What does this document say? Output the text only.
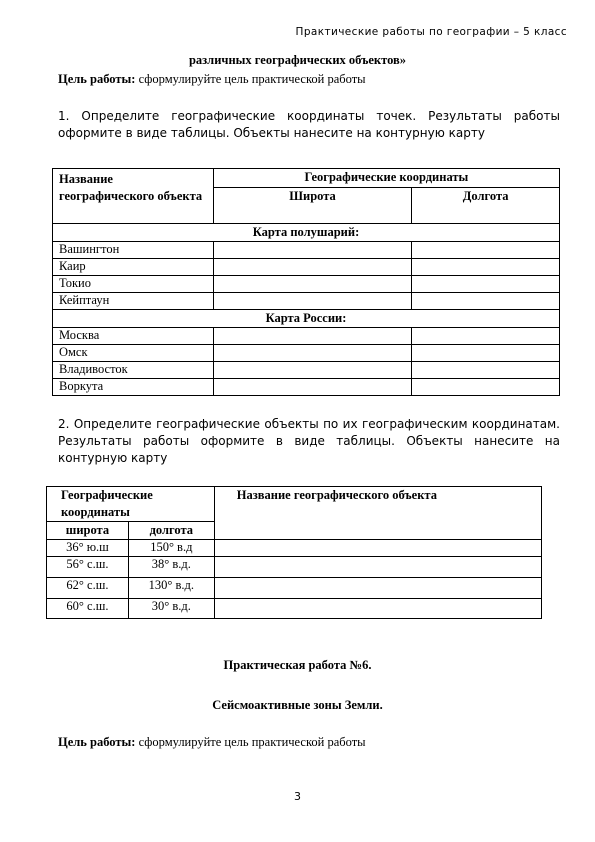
Практические работы по географии – 5 класс
различных географических объектов»
Цель работы: сформулируйте цель практической работы
1. Определите географические координаты точек. Результаты работы оформите в виде таблицы. Объекты нанесите на контурную карту
Название географического объекта	Географические координаты	
	Широта	Долгота
Карта полушарий:		
Вашингтон		
Каир		
Токио		
Кейптаун		
Карта России:		
Москва		
Омск		
Владивосток		
Воркута		
2. Определите географические объекты по их географическим координатам. Результаты работы оформите в виде таблицы. Объекты нанесите на контурную карту
Географические координаты		Название географического объекта
широта	долгота	
36° ю.ш	150° в.д	
56° с.ш.	38° в.д.	
62° с.ш.	130° в.д.	
60° с.ш.	30° в.д.	
Практическая работа №6.
Сейсмоактивные зоны Земли.
Цель работы: сформулируйте цель практической работы
3
